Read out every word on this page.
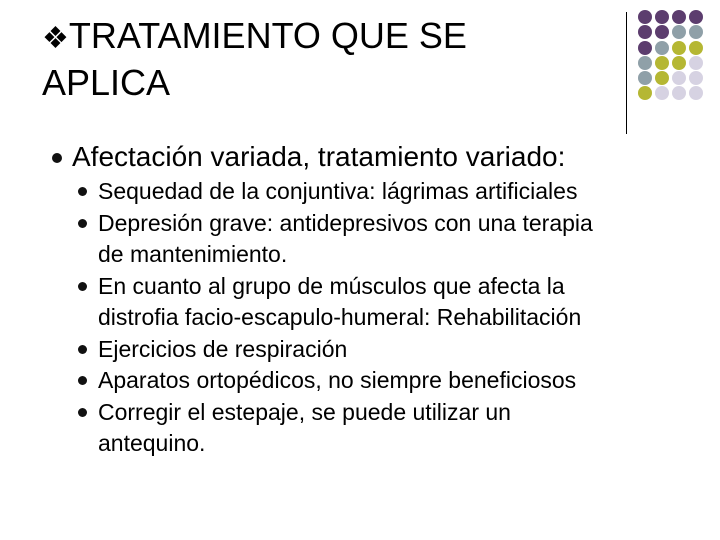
❖TRATAMIENTO QUE SE
APLICA
Afectación variada, tratamiento variado:
Sequedad de la conjuntiva: lágrimas artificiales
Depresión grave: antidepresivos con una terapia
de mantenimiento.
En cuanto al grupo de músculos que afecta la
distrofia facio-escapulo-humeral: Rehabilitación
Ejercicios de respiración
Aparatos ortopédicos, no siempre beneficiosos
Corregir el estepaje, se puede utilizar un
antequino.
